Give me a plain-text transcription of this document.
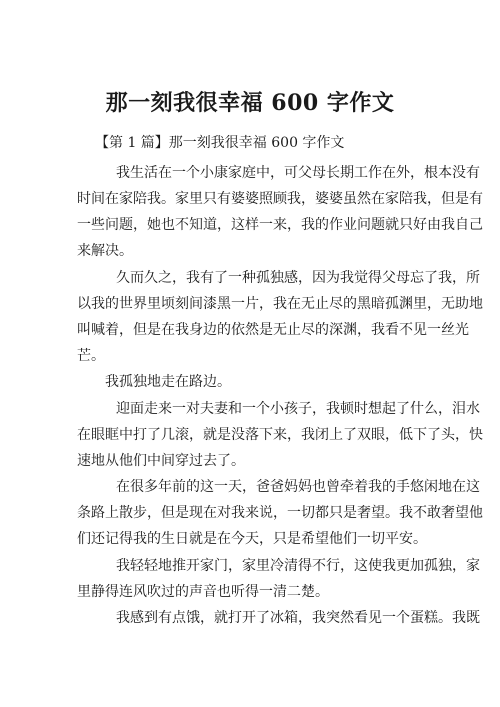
那一刻我很幸福 600 字作文
【第 1 篇】那一刻我很幸福 600 字作文
我生活在一个小康家庭中，可父母长期工作在外，根本没有
时间在家陪我。家里只有婆婆照顾我，婆婆虽然在家陪我，但是有
一些问题，她也不知道，这样一来，我的作业问题就只好由我自己
来解决。
久而久之，我有了一种孤独感，因为我觉得父母忘了我，所
以我的世界里顷刻间漆黑一片，我在无止尽的黑暗孤渊里，无助地
叫喊着，但是在我身边的依然是无止尽的深渊，我看不见一丝光
芒。
我孤独地走在路边。
迎面走来一对夫妻和一个小孩子，我顿时想起了什么，泪水
在眼眶中打了几滚，就是没落下来，我闭上了双眼，低下了头，快
速地从他们中间穿过去了。
在很多年前的这一天，爸爸妈妈也曾牵着我的手悠闲地在这
条路上散步，但是现在对我来说，一切都只是奢望。我不敢奢望他
们还记得我的生日就是在今天，只是希望他们一切平安。
我轻轻地推开家门，家里冷清得不行，这使我更加孤独，家
里静得连风吹过的声音也听得一清二楚。
我感到有点饿，就打开了冰箱，我突然看见一个蛋糕。我既
